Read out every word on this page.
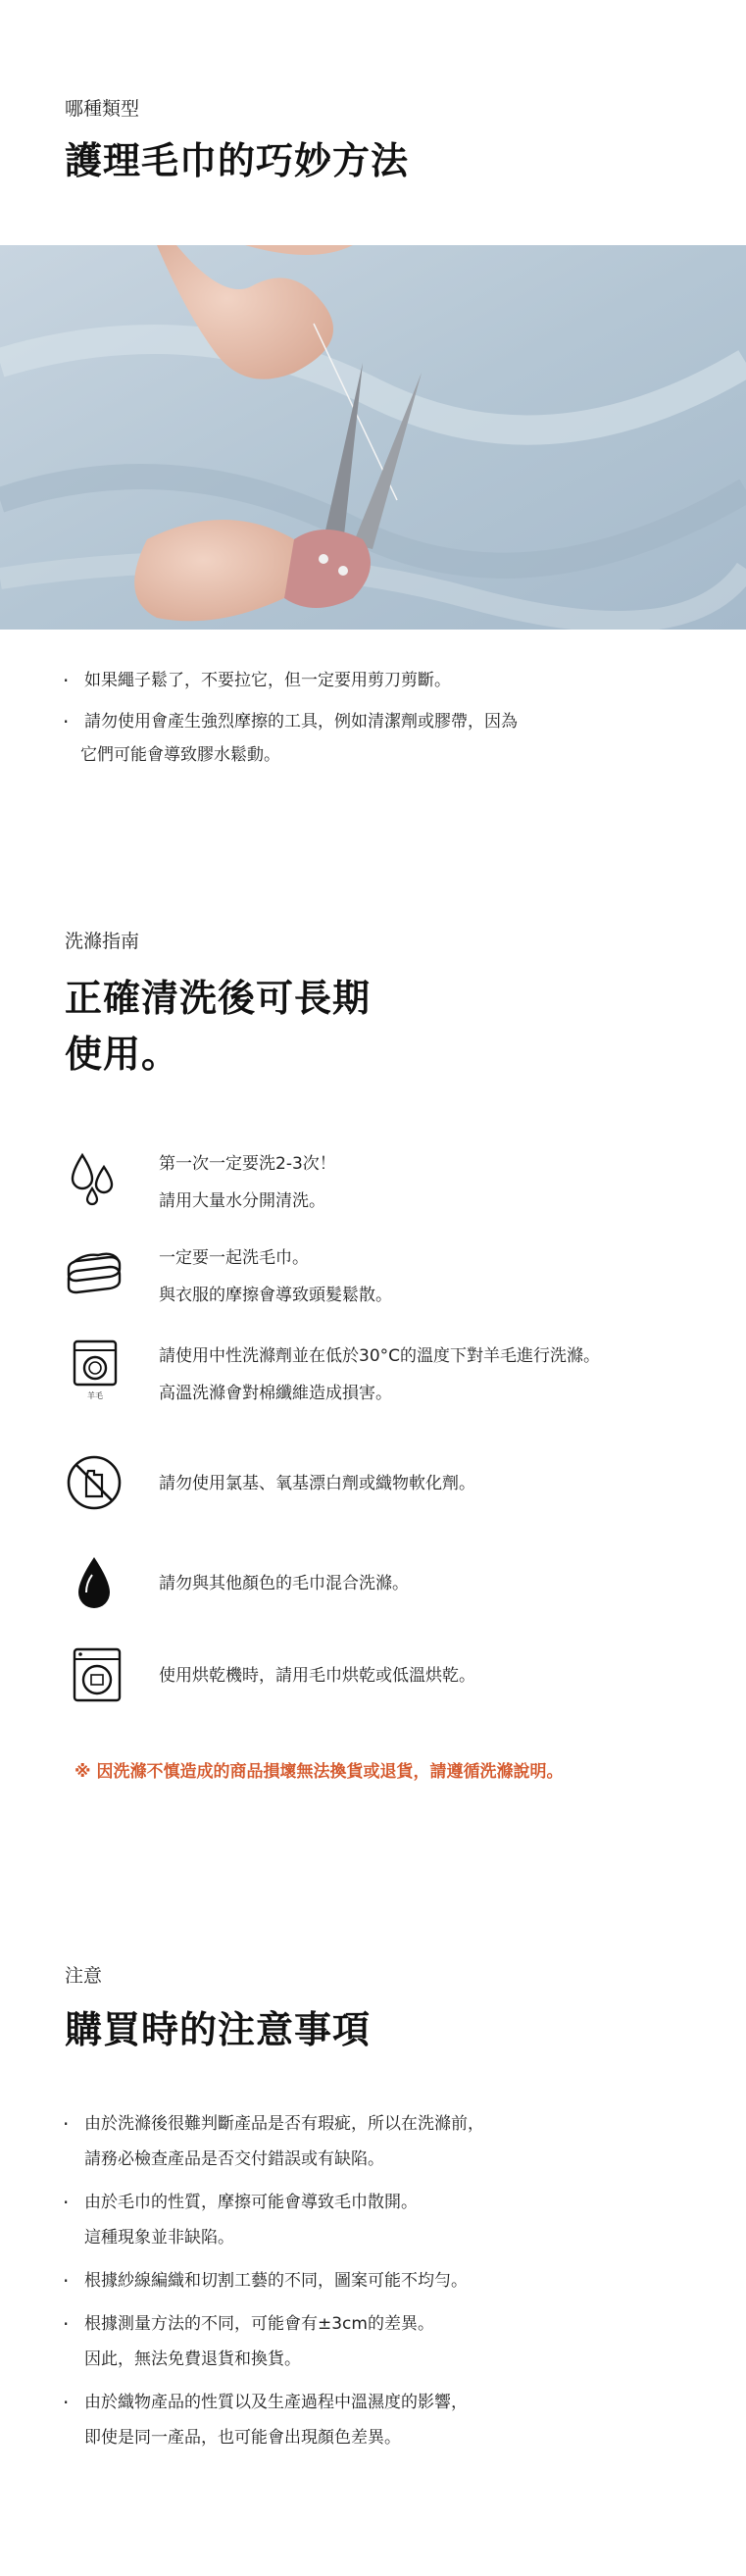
哪種類型
護理毛巾的巧妙方法
· 如果繩子鬆了，不要拉它，但一定要用剪刀剪斷。
· 請勿使用會產生強烈摩擦的工具，例如清潔劑或膠帶，因為
它們可能會導致膠水鬆動。
洗滌指南
正確清洗後可長期
使用。
第一次一定要洗2-3次！
請用大量水分開清洗。
一定要一起洗毛巾。
與衣服的摩擦會導致頭髮鬆散。
羊毛
請使用中性洗滌劑並在低於30°C的溫度下對羊毛進行洗滌。
高溫洗滌會對棉纖維造成損害。
請勿使用氯基、氧基漂白劑或織物軟化劑。
請勿與其他顏色的毛巾混合洗滌。
使用烘乾機時，請用毛巾烘乾或低溫烘乾。
※ 因洗滌不慎造成的商品損壞無法換貨或退貨，請遵循洗滌說明。
注意
購買時的注意事項
· 由於洗滌後很難判斷產品是否有瑕疵，所以在洗滌前，
請務必檢查產品是否交付錯誤或有缺陷。
· 由於毛巾的性質，摩擦可能會導致毛巾散開。
這種現象並非缺陷。
· 根據紗線編織和切割工藝的不同，圖案可能不均勻。
· 根據測量方法的不同，可能會有±3cm的差異。
因此，無法免費退貨和換貨。
· 由於織物產品的性質以及生產過程中溫濕度的影響，
即使是同一產品，也可能會出現顏色差異。
